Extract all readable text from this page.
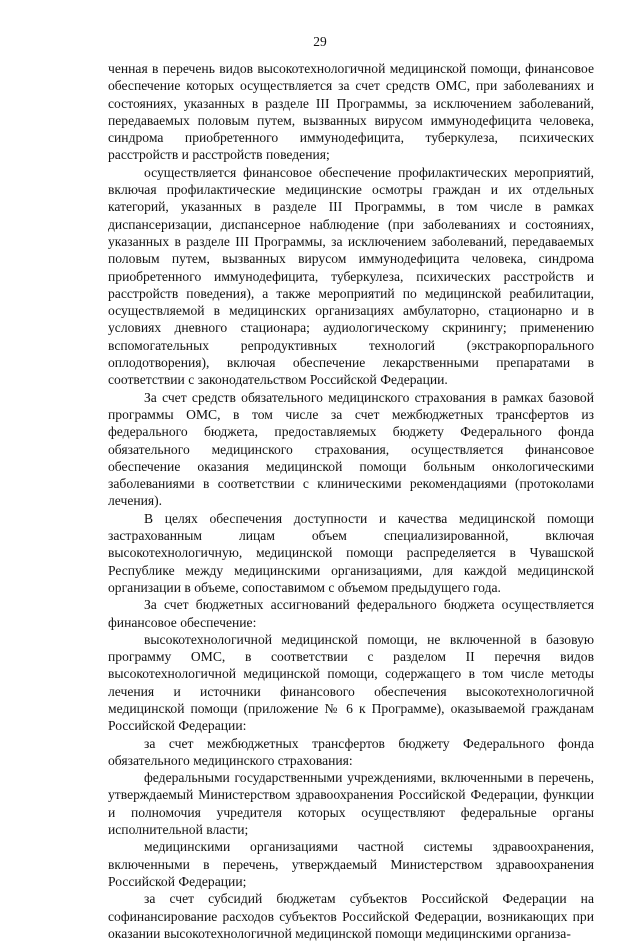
29

ченная в перечень видов высокотехнологичной медицинской помощи, финансовое обеспечение которых осуществляется за счет средств ОМС, при заболеваниях и состояниях, указанных в разделе III Программы, за исключением заболеваний, передаваемых половым путем, вызванных вирусом иммунодефицита человека, синдрома приобретенного иммунодефицита, туберкулеза, психических расстройств и расстройств поведения;

осуществляется финансовое обеспечение профилактических мероприятий, включая профилактические медицинские осмотры граждан и их отдельных категорий, указанных в разделе III Программы, в том числе в рамках диспансеризации, диспансерное наблюдение (при заболеваниях и состояниях, указанных в разделе III Программы, за исключением заболеваний, передаваемых половым путем, вызванных вирусом иммунодефицита человека, синдрома приобретенного иммунодефицита, туберкулеза, психических расстройств и расстройств поведения), а также мероприятий по медицинской реабилитации, осуществляемой в медицинских организациях амбулаторно, стационарно и в условиях дневного стационара; аудиологическому скринингу; применению вспомогательных репродуктивных технологий (экстракорпорального оплодотворения), включая обеспечение лекарственными препаратами в соответствии с законодательством Российской Федерации.

За счет средств обязательного медицинского страхования в рамках базовой программы ОМС, в том числе за счет межбюджетных трансфертов из федерального бюджета, предоставляемых бюджету Федерального фонда обязательного медицинского страхования, осуществляется финансовое обеспечение оказания медицинской помощи больным онкологическими заболеваниями в соответствии с клиническими рекомендациями (протоколами лечения).

В целях обеспечения доступности и качества медицинской помощи застрахованным лицам объем специализированной, включая высокотехнологичную, медицинской помощи распределяется в Чувашской Республике между медицинскими организациями, для каждой медицинской организации в объеме, сопоставимом с объемом предыдущего года.

За счет бюджетных ассигнований федерального бюджета осуществляется финансовое обеспечение:

высокотехнологичной медицинской помощи, не включенной в базовую программу ОМС, в соответствии с разделом II перечня видов высокотехнологичной медицинской помощи, содержащего в том числе методы лечения и источники финансового обеспечения высокотехнологичной медицинской помощи (приложение № 6 к Программе), оказываемой гражданам Российской Федерации:

за счет межбюджетных трансфертов бюджету Федерального фонда обязательного медицинского страхования:

федеральными государственными учреждениями, включенными в перечень, утверждаемый Министерством здравоохранения Российской Федерации, функции и полномочия учредителя которых осуществляют федеральные органы исполнительной власти;

медицинскими организациями частной системы здравоохранения, включенными в перечень, утверждаемый Министерством здравоохранения Российской Федерации;

за счет субсидий бюджетам субъектов Российской Федерации на софинансирование расходов субъектов Российской Федерации, возникающих при оказании высокотехнологичной медицинской помощи медицинскими организа-
